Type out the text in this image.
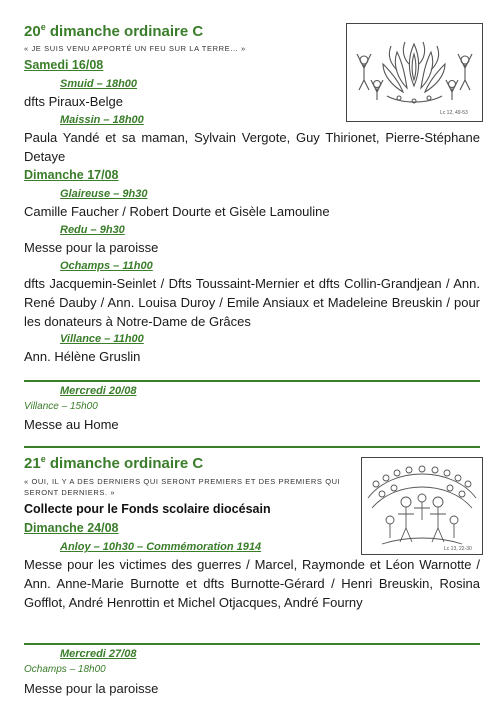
20e dimanche ordinaire C
« JE SUIS VENU APPORTÉ UN FEU SUR LA TERRE… »
Lc 12, 49-53
Samedi 16/08
Smuid – 18h00
dfts Piraux-Belge
Maissin – 18h00
Paula Yandé et sa maman, Sylvain Vergote, Guy Thirionet, Pierre-Stéphane Detaye
Dimanche 17/08
Glaireuse – 9h30
Camille Faucher / Robert Dourte et Gisèle Lamouline
Redu – 9h30
Messe pour la paroisse
Ochamps – 11h00
dfts Jacquemin-Seinlet / Dfts Toussaint-Mernier et dfts Collin-Grandjean / Ann. René Dauby / Ann. Louisa Duroy / Emile Ansiaux et Madeleine Breuskin / pour les donateurs à Notre-Dame de Grâces
Villance – 11h00
Ann. Hélène Gruslin
Mercredi 20/08
Villance – 15h00
Messe au Home
21e dimanche ordinaire C
« OUI, IL Y A DES DERNIERS QUI SERONT PREMIERS ET DES PREMIERS QUI SERONT DERNIERS. »
Lc 13, 22-30
Collecte pour le Fonds scolaire diocésain
Dimanche 24/08
Anloy – 10h30 – Commémoration 1914
Messe pour les victimes des guerres / Marcel, Raymonde et Léon Warnotte / Ann. Anne-Marie Burnotte et dfts Burnotte-Gérard / Henri Breuskin, Rosina Gofflot, André Henrottin et Michel Otjacques, André Fourny
Mercredi 27/08
Ochamps – 18h00
Messe pour la paroisse
